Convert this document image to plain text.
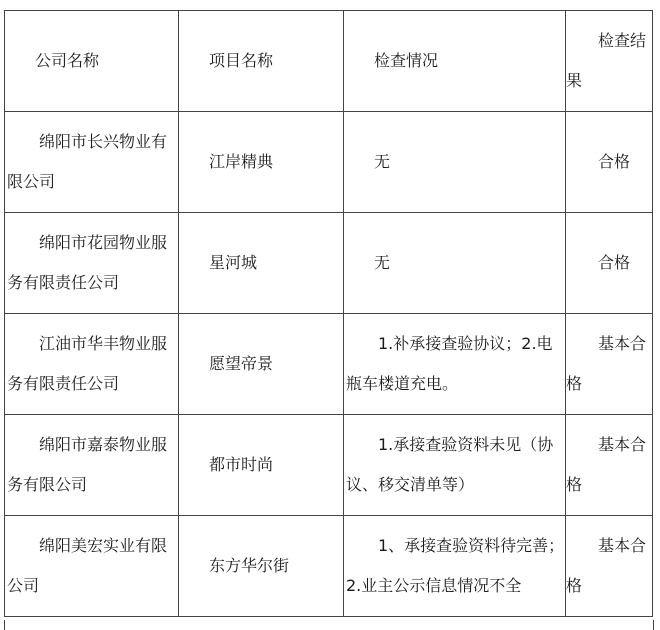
公司名称	项目名称	检查情况	检查结果

绵阳市长兴物业有限公司	江岸精典	无	合格

绵阳市花园物业服务有限责任公司	星河城	无	合格

江油市华丰物业服务有限责任公司	愿望帝景	1.补承接查验协议；2.电瓶车楼道充电。	基本合格

绵阳市嘉泰物业服务有限公司	都市时尚	1.承接查验资料未见（协议、移交清单等）	基本合格

绵阳美宏实业有限公司	东方华尔街	1、承接查验资料待完善；2.业主公示信息情况不全	基本合格
